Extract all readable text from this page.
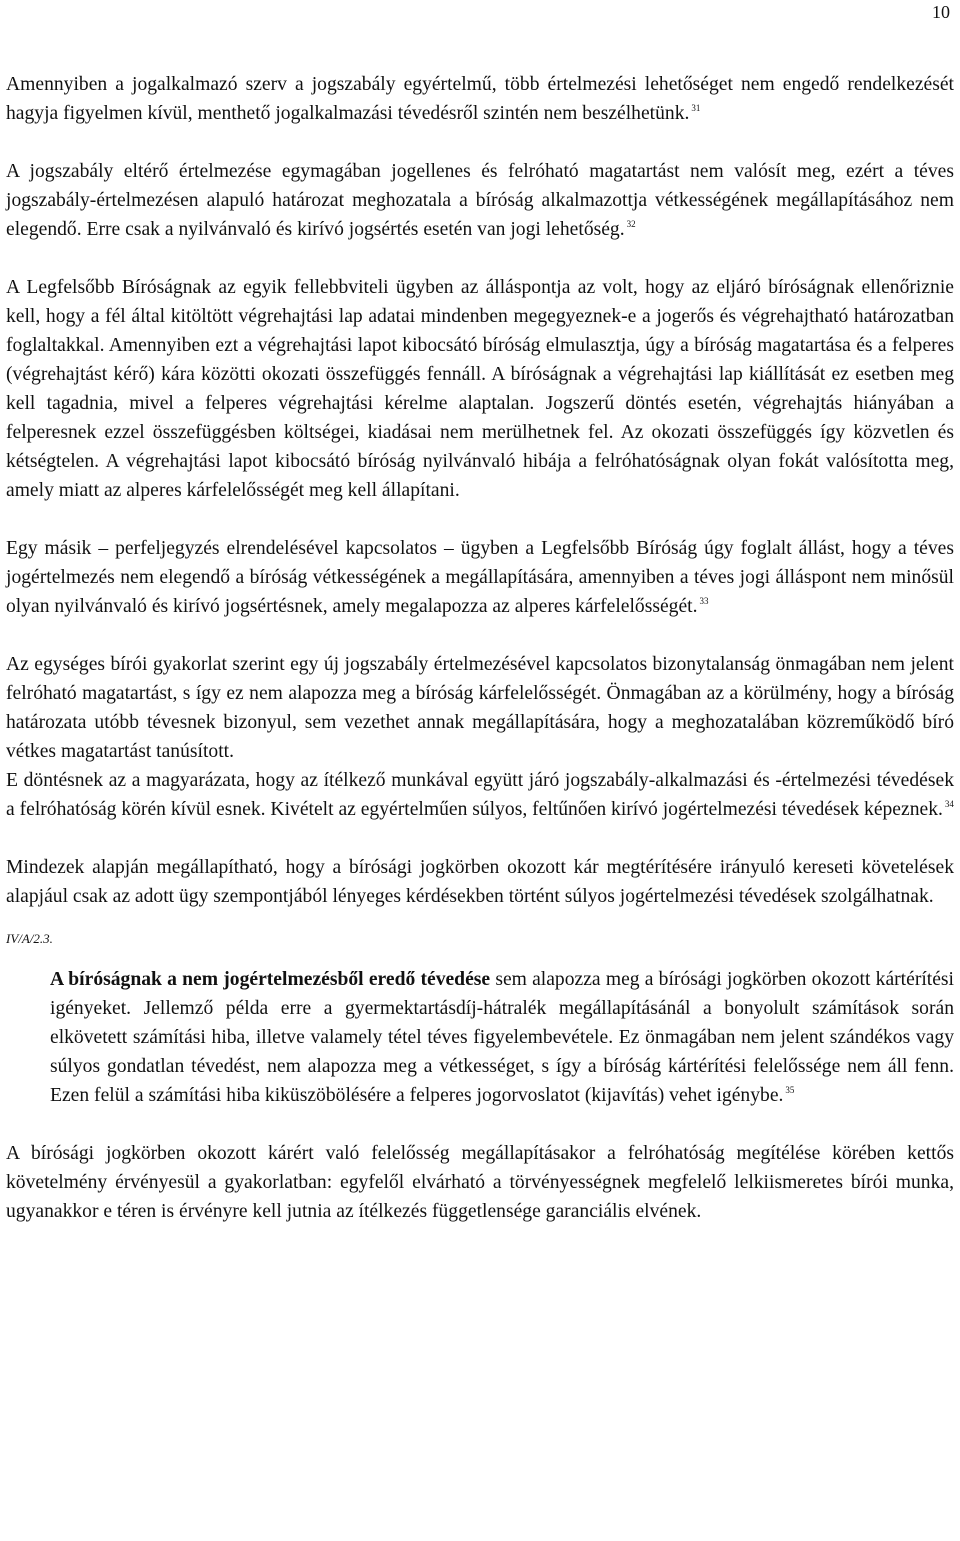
10

Amennyiben a jogalkalmazó szerv a jogszabály egyértelmű, több értelmezési lehetőséget nem engedő rendelkezését hagyja figyelmen kívül, menthető jogalkalmazási tévedésről szintén nem beszélhetünk. $^{31}$

A jogszabály eltérő értelmezése egymagában jogellenes és felróható magatartást nem valósít meg, ezért a téves jogszabály-értelmezésen alapuló határozat meghozatala a bíróság alkalmazottja vétkességének megállapításához nem elegendő. Erre csak a nyilvánvaló és kirívó jogsértés esetén van jogi lehetőség. $^{32}$

A Legfelsőbb Bíróságnak az egyik fellebbviteli ügyben az álláspontja az volt, hogy az eljáró bíróságnak ellenőriznie kell, hogy a fél által kitöltött végrehajtási lap adatai mindenben megegyeznek-e a jogerős és végrehajtható határozatban foglaltakkal. Amennyiben ezt a végrehajtási lapot kibocsátó bíróság elmulasztja, úgy a bíróság magatartása és a felperes (végrehajtást kérő) kára közötti okozati összefüggés fennáll. A bíróságnak a végrehajtási lap kiállítását ez esetben meg kell tagadnia, mivel a felperes végrehajtási kérelme alaptalan. Jogszerű döntés esetén, végrehajtás hiányában a felperesnek ezzel összefüggésben költségei, kiadásai nem merülhetnek fel. Az okozati összefüggés így közvetlen és kétségtelen. A végrehajtási lapot kibocsátó bíróság nyilvánvaló hibája a felróhatóságnak olyan fokát valósította meg, amely miatt az alperes kárfelelősségét meg kell állapítani.

Egy másik – perfeljegyzés elrendelésével kapcsolatos – ügyben a Legfelsőbb Bíróság úgy foglalt állást, hogy a téves jogértelmezés nem elegendő a bíróság vétkességének a megállapítására, amennyiben a téves jogi álláspont nem minősül olyan nyilvánvaló és kirívó jogsértésnek, amely megalapozza az alperes kárfelelősségét. $^{33}$

Az egységes bírói gyakorlat szerint egy új jogszabály értelmezésével kapcsolatos bizonytalanság önmagában nem jelent felróható magatartást, s így ez nem alapozza meg a bíróság kárfelelősségét. Önmagában az a körülmény, hogy a bíróság határozata utóbb tévesnek bizonyul, sem vezethet annak megállapítására, hogy a meghozatalában közreműködő bíró vétkes magatartást tanúsított.

E döntésnek az a magyarázata, hogy az ítélkező munkával együtt járó jogszabály-alkalmazási és -értelmezési tévedések a felróhatóság körén kívül esnek. Kivételt az egyértelműen súlyos, feltűnően kirívó jogértelmezési tévedések képeznek. $^{34}$

Mindezek alapján megállapítható, hogy a bírósági jogkörben okozott kár megtérítésére irányuló kereseti követelések alapjául csak az adott ügy szempontjából lényeges kérdésekben történt súlyos jogértelmezési tévedések szolgálhatnak.

IV/A/2.3.

A bíróságnak a nem jogértelmezésből eredő tévedése sem alapozza meg a bírósági jogkörben okozott kártérítési igényeket. Jellemző példa erre a gyermektartásdíj-hátralék megállapításánál a bonyolult számítások során elkövetett számítási hiba, illetve valamely tétel téves figyelembevétele. Ez önmagában nem jelent szándékos vagy súlyos gondatlan tévedést, nem alapozza meg a vétkességet, s így a bíróság kártérítési felelőssége nem áll fenn. Ezen felül a számítási hiba kiküszöbölésére a felperes jogorvoslatot (kijavítás) vehet igénybe. $^{35}$

A bírósági jogkörben okozott kárért való felelősség megállapításakor a felróhatóság megítélése körében kettős követelmény érvényesül a gyakorlatban: egyfelől elvárható a törvényességnek megfelelő lelkiismeretes bírói munka, ugyanakkor e téren is érvényre kell jutnia az ítélkezés függetlensége garanciális elvének.
